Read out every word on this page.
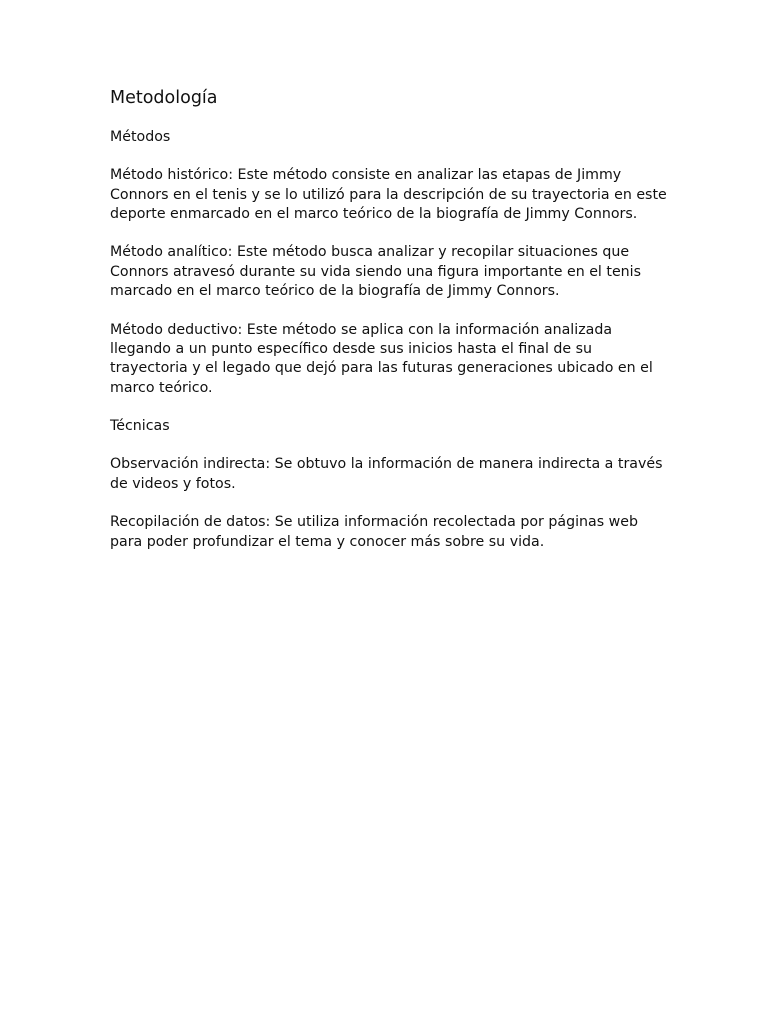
Metodología
Métodos
Método histórico: Este método consiste en analizar las etapas de Jimmy Connors en el tenis y se lo utilizó para la descripción de su trayectoria en este deporte enmarcado en el marco teórico de la biografía de Jimmy Connors.
Método analítico: Este método busca analizar y recopilar situaciones que Connors atravesó durante su vida siendo una figura importante en el tenis marcado en el marco teórico de la biografía de Jimmy Connors.
Método deductivo: Este método se aplica con la información analizada llegando a un punto específico desde sus inicios hasta el final de su trayectoria y el legado que dejó para las futuras generaciones ubicado en el marco teórico.
Técnicas
Observación indirecta: Se obtuvo la información de manera indirecta a través de videos y fotos.
Recopilación de datos: Se utiliza información recolectada por páginas web para poder profundizar el tema y conocer más sobre su vida.
